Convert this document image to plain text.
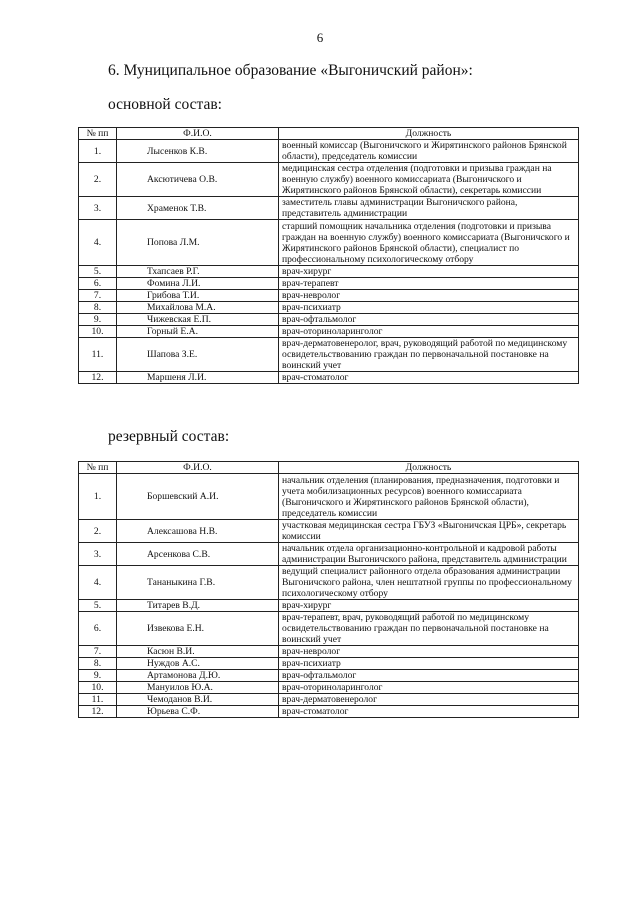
6
6. Муниципальное образование «Выгоничский район»:
основной состав:
№ пп	Ф.И.О.	Должность
1.	Лысенков К.В.	военный комиссар (Выгоничского и Жирятинского районов Брянской области), председатель комиссии
2.	Аксютичева О.В.	медицинская сестра отделения (подготовки и призыва граждан на военную службу) военного комиссариата (Выгоничского и Жирятинского районов Брянской области), секретарь комиссии
3.	Храменок Т.В.	заместитель главы администрации Выгоничского района, представитель администрации
4.	Попова Л.М.	старший помощник начальника отделения (подготовки и призыва граждан на военную службу) военного комиссариата (Выгоничского и Жирятинского районов Брянской области), специалист по профессиональному психологическому отбору
5.	Тхапсаев Р.Г.	врач-хирург
6.	Фомина Л.И.	врач-терапевт
7.	Грибова Т.И.	врач-невролог
8.	Михайлова М.А.	врач-психиатр
9.	Чижевская Е.П.	врач-офтальмолог
10.	Горный Е.А.	врач-оториноларинголог
11.	Шапова З.Е.	врач-дерматовенеролог, врач, руководящий работой по медицинскому освидетельствованию граждан по первоначальной постановке на воинский учет
12.	Маршеня Л.И.	врач-стоматолог
резервный состав:
№ пп	Ф.И.О.	Должность
1.	Боршевский А.И.	начальник отделения (планирования, предназначения, подготовки и учета мобилизационных ресурсов) военного комиссариата (Выгоничского и Жирятинского районов Брянской области), председатель комиссии
2.	Алексашова Н.В.	участковая медицинская сестра ГБУЗ «Выгоничская ЦРБ», секретарь комиссии
3.	Арсенкова С.В.	начальник отдела организационно-контрольной и кадровой работы администрации Выгоничского района, представитель администрации
4.	Тананыкина Г.В.	ведущий специалист районного отдела образования администрации Выгоничского района, член нештатной группы по профессиональному психологическому отбору
5.	Титарев В.Д.	врач-хирург
6.	Извекова Е.Н.	врач-терапевт, врач, руководящий работой по медицинскому освидетельствованию граждан по первоначальной постановке на воинский учет
7.	Касюн В.И.	врач-невролог
8.	Нуждов А.С.	врач-психиатр
9.	Артамонова Д.Ю.	врач-офтальмолог
10.	Мануилов Ю.А.	врач-оториноларинголог
11.	Чемоданов В.И.	врач-дерматовенеролог
12.	Юрьева С.Ф.	врач-стоматолог
